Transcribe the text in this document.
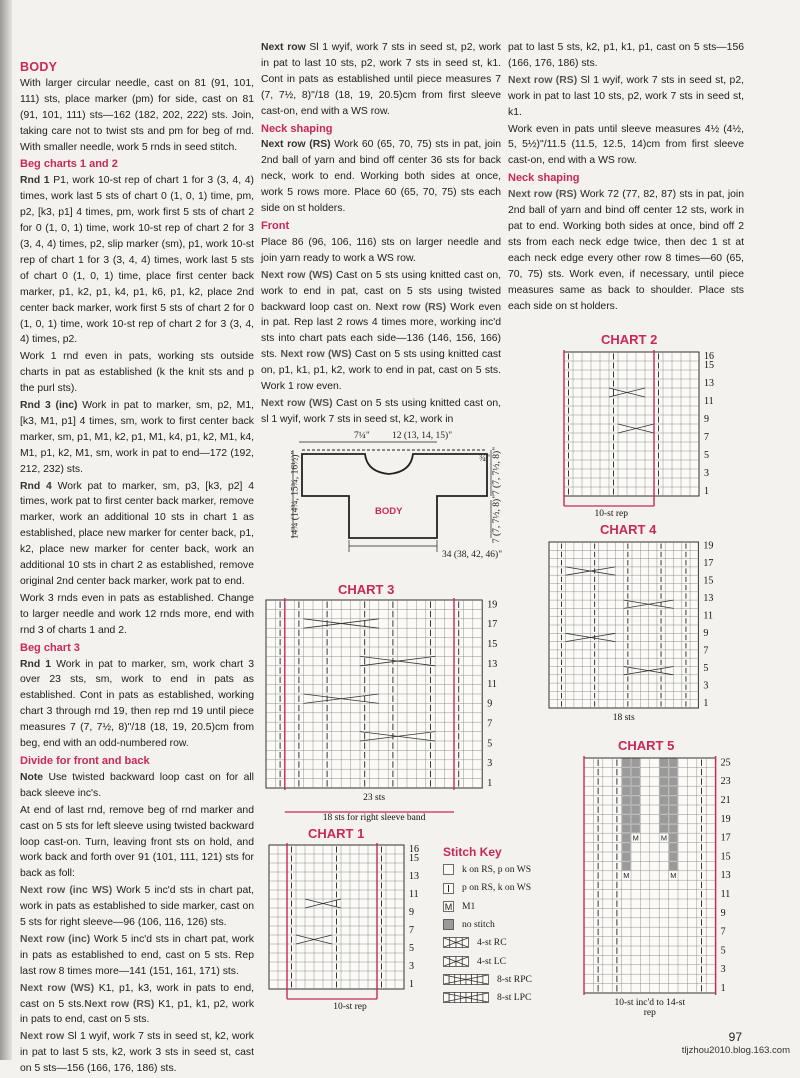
BODY

With larger circular needle, cast on 81 (91, 101, 111) sts, place marker (pm) for side, cast on 81 (91, 101, 111) sts—162 (182, 202, 222) sts. Join, taking care not to twist sts and pm for beg of rnd. With smaller needle, work 5 rnds in seed stitch.

Beg charts 1 and 2

Rnd 1 P1, work 10-st rep of chart 1 for 3 (3, 4, 4) times, work last 5 sts of chart 0 (1, 0, 1) time, pm, p2, [k3, p1] 4 times, pm, work first 5 sts of chart 2 for 0 (1, 0, 1) time, work 10-st rep of chart 2 for 3 (3, 4, 4) times, p2, slip marker (sm), p1, work 10-st rep of chart 1 for 3 (3, 4, 4) times, work last 5 sts of chart 0 (1, 0, 1) time, place first center back marker, p1, k2, p1, k4, p1, k6, p1, k2, place 2nd center back marker, work first 5 sts of chart 2 for 0 (1, 0, 1) time, work 10-st rep of chart 2 for 3 (3, 4, 4) times, p2.

Work 1 rnd even in pats, working sts outside charts in pat as established (k the knit sts and p the purl sts).

Rnd 3 (inc) Work in pat to marker, sm, p2, M1, [k3, M1, p1] 4 times, sm, work to first center back marker, sm, p1, M1, k2, p1, M1, k4, p1, k2, M1, k4, M1, p1, k2, M1, sm, work in pat to end—172 (192, 212, 232) sts.

Rnd 4 Work pat to marker, sm, p3, [k3, p2] 4 times, work pat to first center back marker, remove marker, work an additional 10 sts in chart 1 as established, place new marker for center back, p1, k2, place new marker for center back, work an additional 10 sts in chart 2 as established, remove original 2nd center back marker, work pat to end.

Work 3 rnds even in pats as established. Change to larger needle and work 12 rnds more, end with rnd 3 of charts 1 and 2.

Beg chart 3

Rnd 1 Work in pat to marker, sm, work chart 3 over 23 sts, sm, work to end in pats as established. Cont in pats as established, working chart 3 through rnd 19, then rep rnd 19 until piece measures 7 (7, 7½, 8)"/18 (18, 19, 20.5)cm from beg, end with an odd-numbered row.

Divide for front and back

Note Use twisted backward loop cast on for all back sleeve inc's.

At end of last rnd, remove beg of rnd marker and cast on 5 sts for left sleeve using twisted backward loop cast-on. Turn, leaving front sts on hold, and work back and forth over 91 (101, 111, 121) sts for back as foll:

Next row (inc WS) Work 5 inc'd sts in chart pat, work in pats as established to side marker, cast on 5 sts for right sleeve—96 (106, 116, 126) sts.

Next row (inc) Work 5 inc'd sts in chart pat, work in pats as established to end, cast on 5 sts. Rep last row 8 times more—141 (151, 161, 171) sts.

Next row (WS) K1, p1, k3, work in pats to end, cast on 5 sts.Next row (RS) K1, p1, k1, p2, work in pats to end, cast on 5 sts.

Next row Sl 1 wyif, work 7 sts in seed st, k2, work in pat to last 5 sts, k2, work 3 sts in seed st, cast on 5 sts—156 (166, 176, 186) sts.

Next row Sl 1 wyif, work 7 sts in seed st, p2, work in pat to last 10 sts, p2, work 7 sts in seed st, k1. Cont in pats as established until piece measures 7 (7, 7½, 8)"/18 (18, 19, 20.5)cm from first sleeve cast-on, end with a WS row.

Neck shaping

Next row (RS) Work 60 (65, 70, 75) sts in pat, join 2nd ball of yarn and bind off center 36 sts for back neck, work to end. Working both sides at once, work 5 rows more. Place 60 (65, 70, 75) sts each side on st holders.

Front

Place 86 (96, 106, 116) sts on larger needle and join yarn ready to work a WS row.

Next row (WS) Cast on 5 sts using knitted cast on, work to end in pat, cast on 5 sts using twisted backward loop cast on. Next row (RS) Work even in pat. Rep last 2 rows 4 times more, working inc'd sts into chart pats each side—136 (146, 156, 166) sts. Next row (WS) Cast on 5 sts using knitted cast on, p1, k1, p1, k2, work to end in pat, cast on 5 sts. Work 1 row even.

Next row (WS) Cast on 5 sts using knitted cast on, sl 1 wyif, work 7 sts in seed st, k2, work in

pat to last 5 sts, k2, p1, k1, p1, cast on 5 sts—156 (166, 176, 186) sts.

Next row (RS) Sl 1 wyif, work 7 sts in seed st, p2, work in pat to last 10 sts, p2, work 7 sts in seed st, k1.

Work even in pats until sleeve measures 4½ (4½, 5, 5½)"/11.5 (11.5, 12.5, 14)cm from first sleeve cast-on, end with a WS row.

Neck shaping

Next row (RS) Work 72 (77, 82, 87) sts in pat, join 2nd ball of yarn and bind off center 12 sts, work in pat to end. Working both sides at once, bind off 2 sts from each neck edge twice, then dec 1 st at each neck edge every other row 8 times—60 (65, 70, 75) sts. Work even, if necessary, until piece measures same as back to shoulder. Place sts each side on st holders.

BODY
7¼" 12 (13, 14, 15)"
¾"
34 (38, 42, 46)"
14¾ (14¾, 15¾, 16½)"	7 (7, 7½, 8)"
7 (7, 7½, 8)"
CHART 2
16
15
13
11
9
7
5
3
1
10-st rep
CHART 4
19
17
15
13
11
9
7
5
3
1
18 sts
CHART 3
19
17
15
13
11
9
7
5
3
1
23 sts
18 sts for right sleeve band
CHART 5
M	M
M	M
25
23
21
19
17
15
13
11
9
7
5
3
1
10-st inc'd to 14-st
rep
CHART 1
16
15
13
11
9
7
5
3
1
10-st rep
Stitch Key
k on RS, p on WS
p on RS, k on WS
M M1
no stitch
4-st RC
4-st LC
8-st RPC
8-st LPC
97
tljzhou2010.blog.163.com
